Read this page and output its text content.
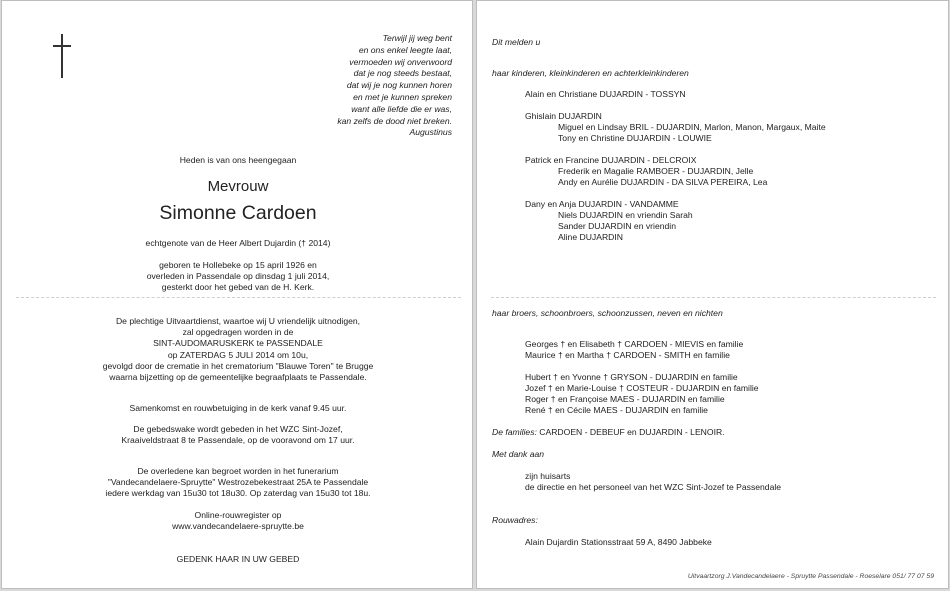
Terwijl jij weg bent
en ons enkel leegte laat,
vermoeden wij onverwoord
dat je nog steeds bestaat,
dat wij je nog kunnen horen
en met je kunnen spreken
want alle liefde die er was,
kan zelfs de dood niet breken.
Augustinus
Heden is van ons heengegaan
Mevrouw
Simonne Cardoen
echtgenote van de Heer Albert Dujardin († 2014)
geboren te Hollebeke op 15 april 1926 en
overleden in Passendale op dinsdag 1 juli 2014,
gesterkt door het gebed van de H. Kerk.
De plechtige Uitvaartdienst, waartoe wij U vriendelijk uitnodigen,
zal opgedragen worden in de
SINT-AUDOMARUSKERK te PASSENDALE
op ZATERDAG 5 JULI 2014 om 10u,
gevolgd door de crematie in het crematorium "Blauwe Toren" te Brugge
waarna bijzetting op de gemeentelijke begraafplaats te Passendale.
Samenkomst en rouwbetuiging in de kerk vanaf 9.45 uur.
De gebedswake wordt gebeden in het WZC Sint-Jozef,
Kraaiveldstraat 8 te Passendale, op de vooravond om 17 uur.
De overledene kan begroet worden in het funerarium
"Vandecandelaere-Spruytte" Westrozebekestraat 25A te Passendale
iedere werkdag van 15u30 tot 18u30. Op zaterdag van 15u30 tot 18u.
Online-rouwregister op
www.vandecandelaere-spruytte.be
GEDENK HAAR IN UW GEBED
Dit melden u
haar kinderen, kleinkinderen en achterkleinkinderen
Alain en Christiane DUJARDIN - TOSSYN
Ghislain DUJARDIN
Miguel en Lindsay BRIL - DUJARDIN, Marlon, Manon, Margaux, Maite
Tony en Christine DUJARDIN - LOUWIE
Patrick en Francine DUJARDIN - DELCROIX
Frederik en Magalie RAMBOER - DUJARDIN, Jelle
Andy en Aurélie DUJARDIN - DA SILVA PEREIRA, Lea
Dany en Anja DUJARDIN - VANDAMME
Niels DUJARDIN en vriendin Sarah
Sander DUJARDIN en vriendin
Aline DUJARDIN
haar broers, schoonbroers, schoonzussen, neven en nichten
Georges † en Elisabeth † CARDOEN - MIEVIS en familie
Maurice † en Martha † CARDOEN - SMITH en familie
Hubert † en Yvonne † GRYSON - DUJARDIN en familie
Jozef † en Marie-Louise † COSTEUR - DUJARDIN en familie
Roger † en Françoise MAES - DUJARDIN en familie
René † en Cécile MAES - DUJARDIN en familie
De families: CARDOEN - DEBEUF en DUJARDIN - LENOIR.
Met dank aan
zijn huisarts
de directie en het personeel van het WZC Sint-Jozef te Passendale
Rouwadres:
Alain Dujardin Stationsstraat 59 A, 8490 Jabbeke
Uitvaartzorg J.Vandecandelaere - Spruytte Passendale - Roeselare 051/ 77 07 59
